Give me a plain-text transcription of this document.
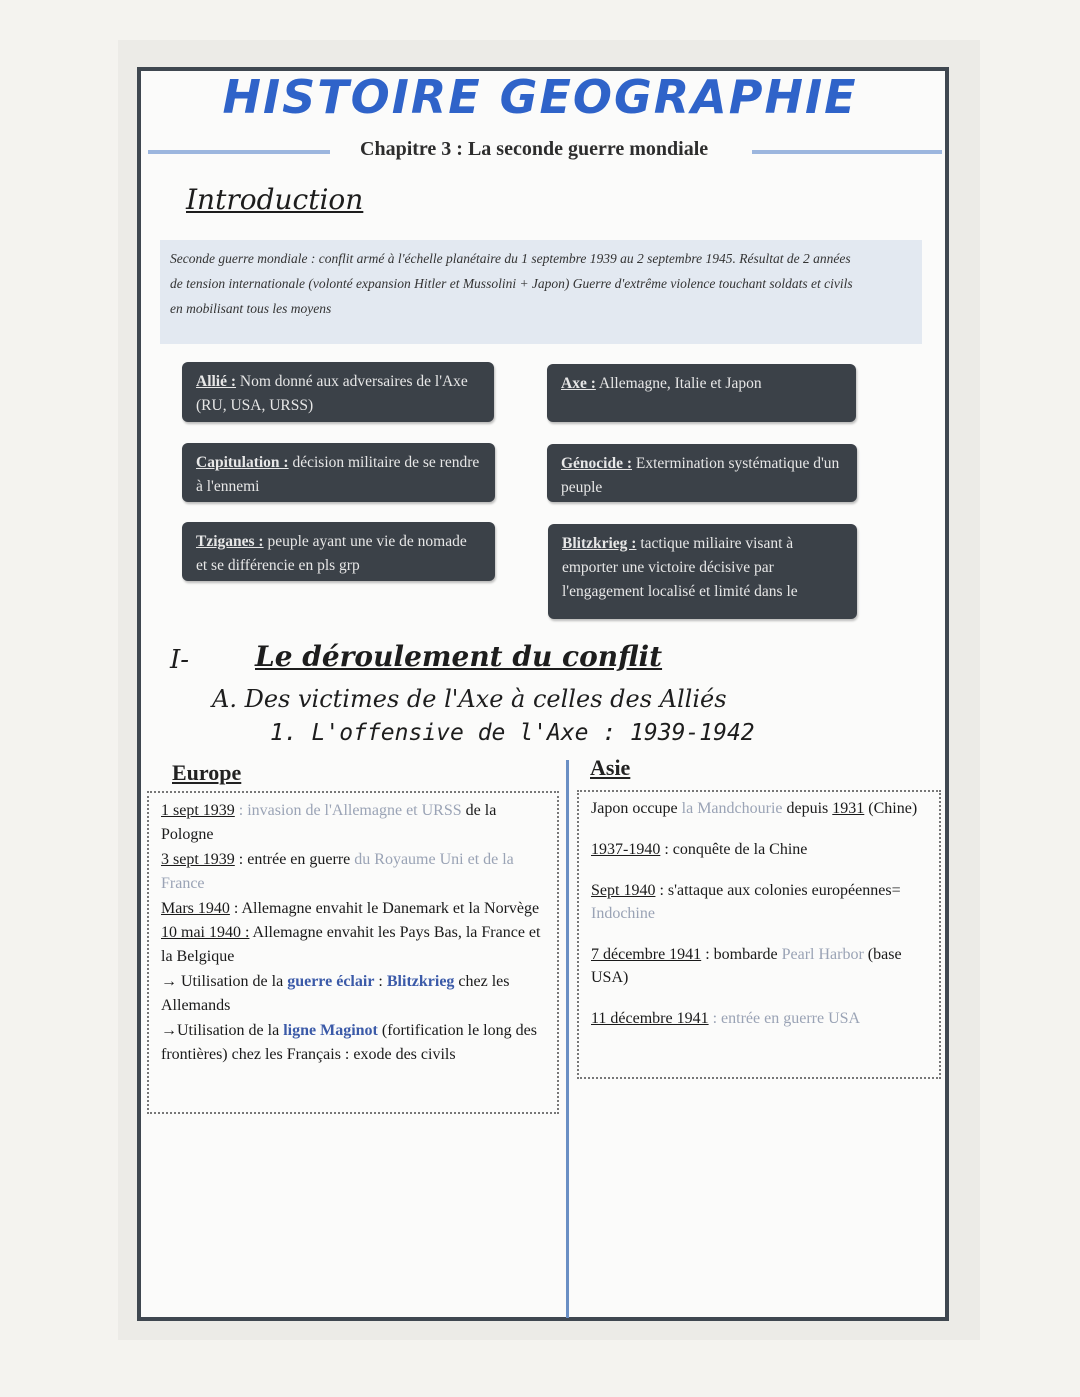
HISTOIRE GEOGRAPHIE
Chapitre 3 : La seconde guerre mondiale
Introduction
Seconde guerre mondiale : conflit armé à l'échelle planétaire du 1 septembre 1939 au 2 septembre 1945. Résultat de 2 années
de tension internationale (volonté expansion Hitler et Mussolini + Japon) Guerre d'extrême violence touchant soldats et civils
en mobilisant tous les moyens
Allié : Nom donné aux adversaires de l'Axe (RU, USA, URSS)
Axe : Allemagne, Italie et Japon
Capitulation : décision militaire de se rendre à l'ennemi
Génocide : Extermination systématique d'un peuple
Tziganes : peuple ayant une vie de nomade et se différencie en pls grp
Blitzkrieg : tactique miliaire visant à emporter une victoire décisive par l'engagement localisé et limité dans le
I- Le déroulement du conflit
A. Des victimes de l'Axe à celles des Alliés
1. L'offensive de l'Axe : 1939-1942
Europe	Asie

1 sept 1939 : invasion de l'Allemagne et URSS de la Pologne

3 sept 1939 : entrée en guerre du Royaume Uni et de la France

Mars 1940 : Allemagne envahit le Danemark et la Norvège

10 mai 1940 : Allemagne envahit les Pays Bas, la France et la Belgique

→ Utilisation de la guerre éclair : Blitzkrieg chez les Allemands

→Utilisation de la ligne Maginot (fortification le long des frontières) chez les Français : exode des civils

Japon occupe la Mandchourie depuis 1931 (Chine)

1937-1940 : conquête de la Chine

Sept 1940 : s'attaque aux colonies européennes= Indochine

7 décembre 1941 : bombarde Pearl Harbor (base USA)

11 décembre 1941 : entrée en guerre USA
